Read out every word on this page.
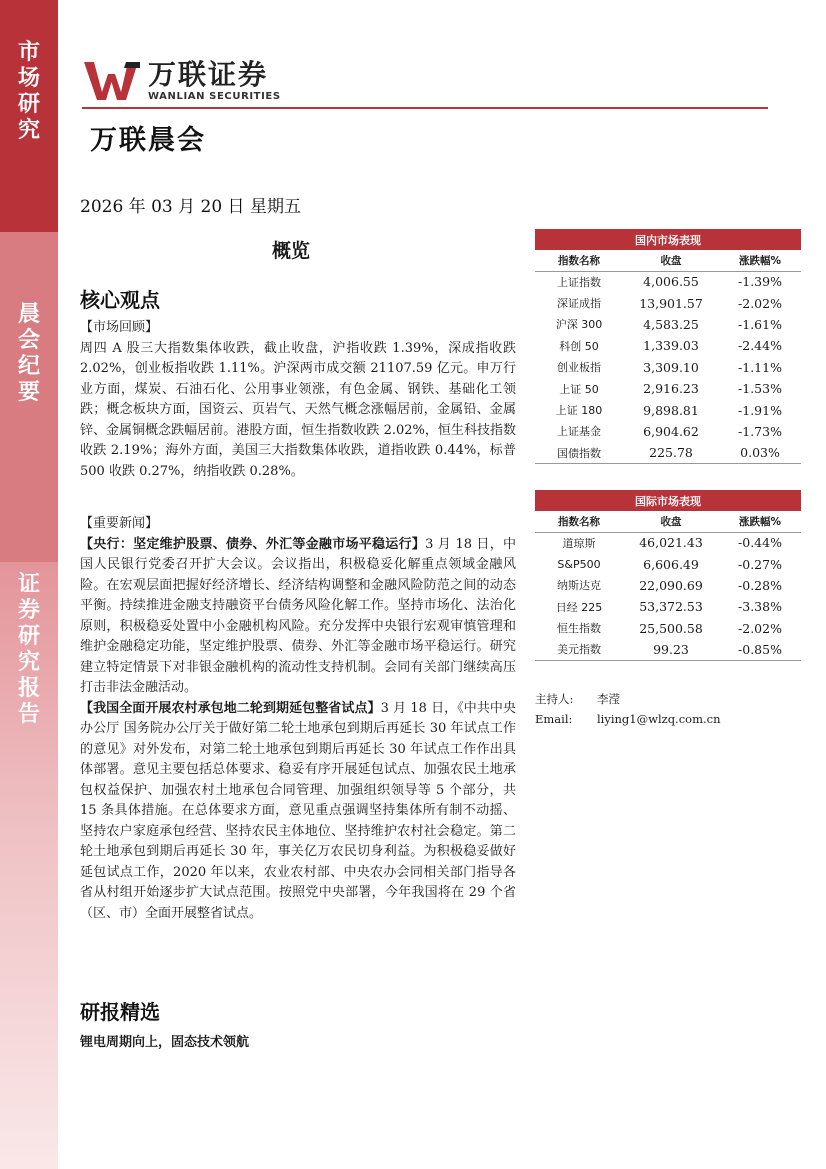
市场研究
晨会纪要
证券研究报告
万联证券
WANLIAN SECURITIES
万联晨会
2026 年 03 月 20 日 星期五
概览
核心观点
【市场回顾】

周四 A 股三大指数集体收跌，截止收盘，沪指收跌 1.39%，深成指收跌 2.02%，创业板指收跌 1.11%。沪深两市成交额 21107.59 亿元。申万行业方面，煤炭、石油石化、公用事业领涨，有色金属、钢铁、基础化工领跌；概念板块方面，国资云、页岩气、天然气概念涨幅居前，金属铅、金属锌、金属铜概念跌幅居前。港股方面，恒生指数收跌 2.02%，恒生科技指数收跌 2.19%；海外方面，美国三大指数集体收跌，道指收跌 0.44%，标普 500 收跌 0.27%，纳指收跌 0.28%。

【重要新闻】

【央行：坚定维护股票、债券、外汇等金融市场平稳运行】3 月 18 日，中国人民银行党委召开扩大会议。会议指出，积极稳妥化解重点领域金融风险。在宏观层面把握好经济增长、经济结构调整和金融风险防范之间的动态平衡。持续推进金融支持融资平台债务风险化解工作。坚持市场化、法治化原则，积极稳妥处置中小金融机构风险。充分发挥中央银行宏观审慎管理和维护金融稳定功能，坚定维护股票、债券、外汇等金融市场平稳运行。研究建立特定情景下对非银金融机构的流动性支持机制。会同有关部门继续高压打击非法金融活动。

【我国全面开展农村承包地二轮到期延包整省试点】3 月 18 日，《中共中央办公厅 国务院办公厅关于做好第二轮土地承包到期后再延长 30 年试点工作的意见》对外发布，对第二轮土地承包到期后再延长 30 年试点工作作出具体部署。意见主要包括总体要求、稳妥有序开展延包试点、加强农民土地承包权益保护、加强农村土地承包合同管理、加强组织领导等 5 个部分，共 15 条具体措施。在总体要求方面，意见重点强调坚持集体所有制不动摇、坚持农户家庭承包经营、坚持农民主体地位、坚持维护农村社会稳定。第二轮土地承包到期后再延长 30 年，事关亿万农民切身利益。为积极稳妥做好延包试点工作，2020 年以来，农业农村部、中央农办会同相关部门指导各省从村组开始逐步扩大试点范围。按照党中央部署，今年我国将在 29 个省（区、市）全面开展整省试点。

研报精选
锂电周期向上，固态技术领航
国内市场表现		
指数名称	收盘	涨跌幅%
上证指数	4,006.55	-1.39%
深证成指	13,901.57	-2.02%
沪深 300	4,583.25	-1.61%
科创 50	1,339.03	-2.44%
创业板指	3,309.10	-1.11%
上证 50	2,916.23	-1.53%
上证 180	9,898.81	-1.91%
上证基金	6,904.62	-1.73%
国债指数	225.78	0.03%
国际市场表现		
指数名称	收盘	涨跌幅%
道琼斯	46,021.43	-0.44%
S&P500	6,606.49	-0.27%
纳斯达克	22,090.69	-0.28%
日经 225	53,372.53	-3.38%
恒生指数	25,500.58	-2.02%
美元指数	99.23	-0.85%
主持人: 李滢
Email: liying1@wlzq.com.cn
